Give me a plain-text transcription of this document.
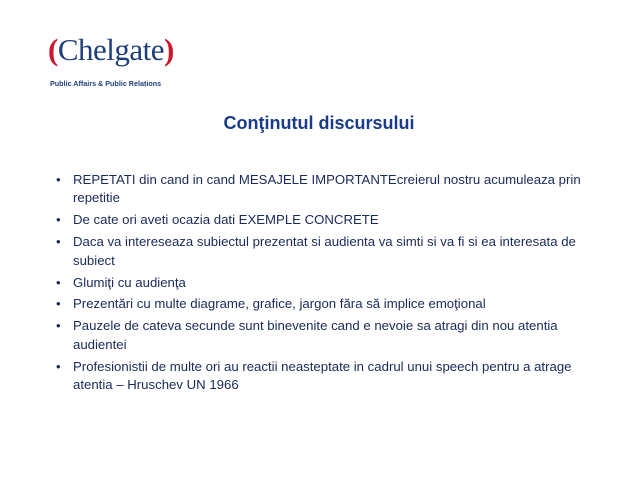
(Chelgate)
Public Affairs & Public Relations
Conţinutul discursului
• REPETATI din cand in cand MESAJELE IMPORTANTEcreierul nostru acumuleaza prin repetitie
• De cate ori aveti ocazia dati EXEMPLE CONCRETE
• Daca va intereseaza subiectul prezentat si audienta va simti si va fi si ea interesata de subiect
• Glumiţi cu audienţa
• Prezentări cu multe diagrame, grafice, jargon făra să implice emoţional
• Pauzele de cateva secunde sunt binevenite cand e nevoie sa atragi din nou atentia audientei
• Profesionistii de multe ori au reactii neasteptate in cadrul unui speech pentru a atrage atentia – Hruschev UN 1966
